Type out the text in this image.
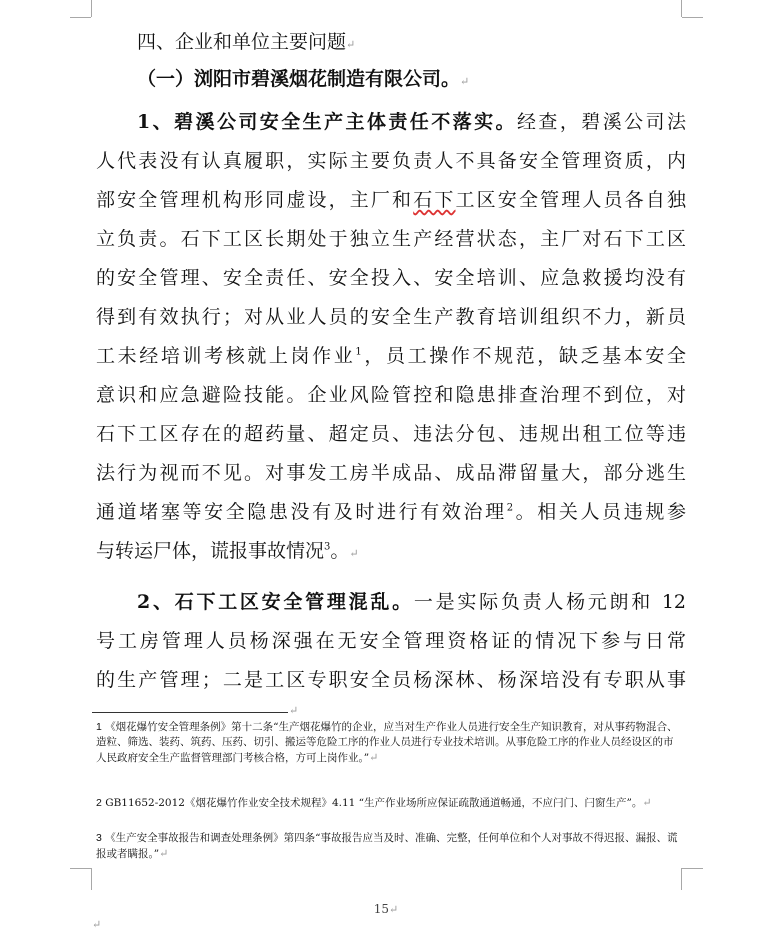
四、企业和单位主要问题↵
（一）浏阳市碧溪烟花制造有限公司。↵
1、碧溪公司安全生产主体责任不落实。经查，碧溪公司法
人代表没有认真履职，实际主要负责人不具备安全管理资质，内
部安全管理机构形同虚设，主厂和石下工区安全管理人员各自独
立负责。石下工区长期处于独立生产经营状态，主厂对石下工区
的安全管理、安全责任、安全投入、安全培训、应急救援均没有
得到有效执行；对从业人员的安全生产教育培训组织不力，新员
工未经培训考核就上岗作业$^1$，员工操作不规范，缺乏基本安全
意识和应急避险技能。企业风险管控和隐患排查治理不到位，对
石下工区存在的超药量、超定员、违法分包、违规出租工位等违
法行为视而不见。对事发工房半成品、成品滞留量大，部分逃生
通道堵塞等安全隐患没有及时进行有效治理$^2$。相关人员违规参
与转运尸体，谎报事故情况$^3$。↵
2、石下工区安全管理混乱。一是实际负责人杨元朗和 12
号工房管理人员杨深强在无安全管理资格证的情况下参与日常
的生产管理；二是工区专职安全员杨深林、杨深培没有专职从事
↵
1 《烟花爆竹安全管理条例》第十二条“生产烟花爆竹的企业，应当对生产作业人员进行安全生产知识教育，对从事药物混合、造粒、筛选、装药、筑药、压药、切引、搬运等危险工序的作业人员进行专业技术培训。从事危险工序的作业人员经设区的市人民政府安全生产监督管理部门考核合格，方可上岗作业。”↵
2 GB11652-2012《烟花爆竹作业安全技术规程》4.11 “生产作业场所应保证疏散通道畅通，不应闩门、闩窗生产”。↵
3 《生产安全事故报告和调查处理条例》第四条“事故报告应当及时、准确、完整，任何单位和个人对事故不得迟报、漏报、谎报或者瞒报。”↵
15↵
↵
